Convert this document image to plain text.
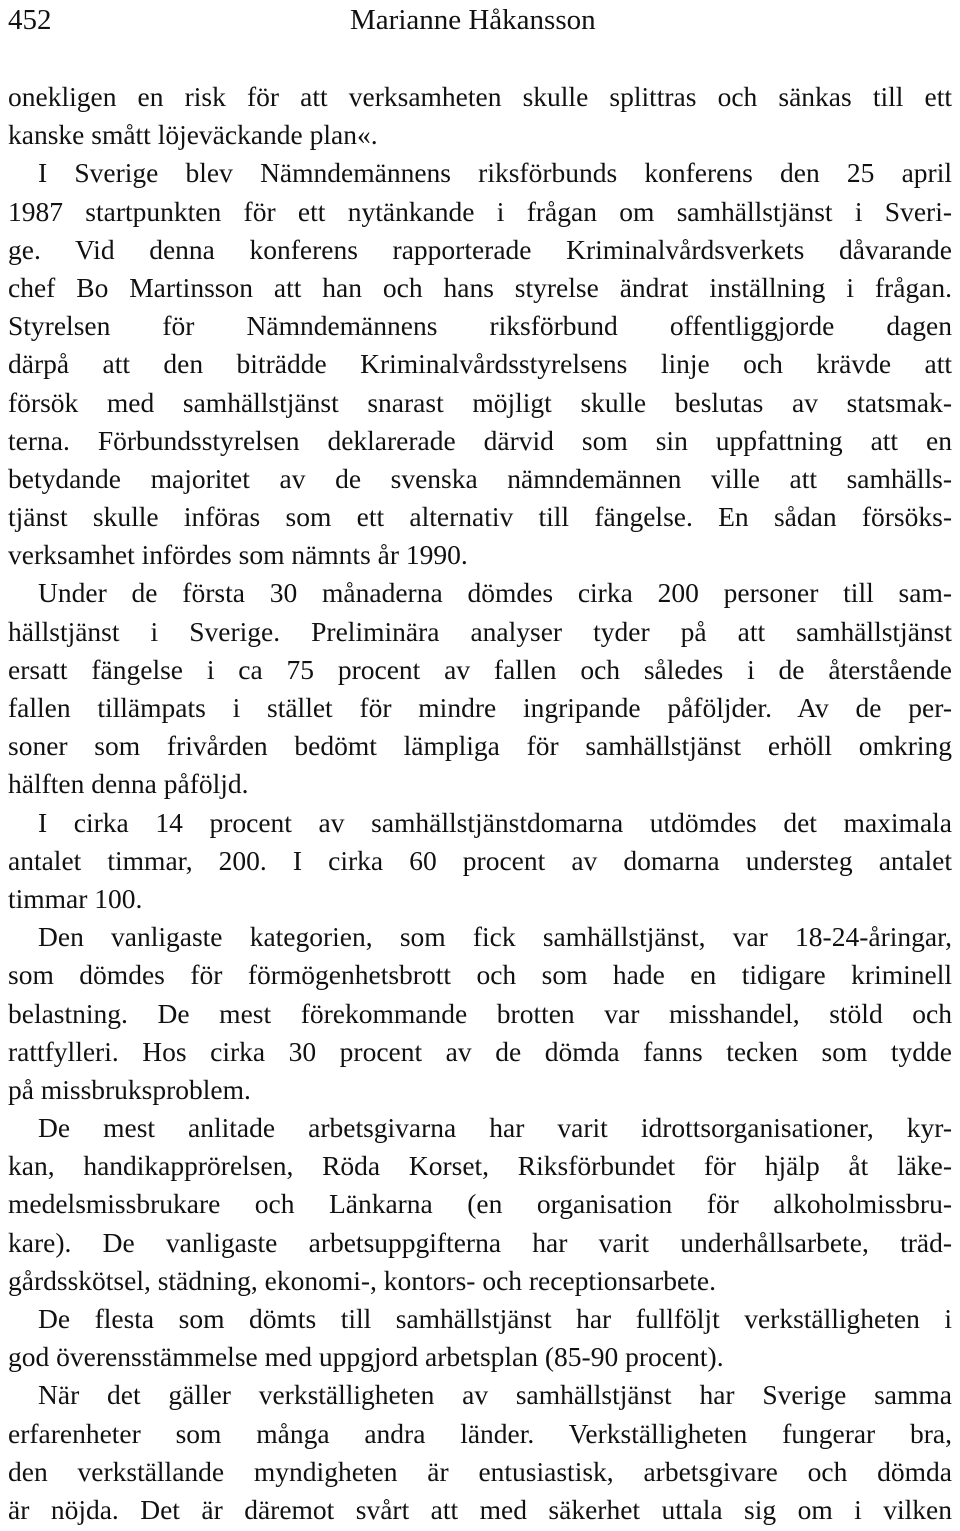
452	Marianne Håkansson
onekligen en risk för att verksamheten skulle splittras och sänkas till ett
kanske smått löjeväckande plan«.
I Sverige blev Nämndemännens riksförbunds konferens den 25 april
1987 startpunkten för ett nytänkande i frågan om samhällstjänst i Sveri-
ge. Vid denna konferens rapporterade Kriminalvårdsverkets dåvarande
chef Bo Martinsson att han och hans styrelse ändrat inställning i frågan.
Styrelsen för Nämndemännens riksförbund offentliggjorde dagen
därpå att den biträdde Kriminalvårdsstyrelsens linje och krävde att
försök med samhällstjänst snarast möjligt skulle beslutas av statsmak-
terna. Förbundsstyrelsen deklarerade därvid som sin uppfattning att en
betydande majoritet av de svenska nämndemännen ville att samhälls-
tjänst skulle införas som ett alternativ till fängelse. En sådan försöks-
verksamhet infördes som nämnts år 1990.
Under de första 30 månaderna dömdes cirka 200 personer till sam-
hällstjänst i Sverige. Preliminära analyser tyder på att samhällstjänst
ersatt fängelse i ca 75 procent av fallen och således i de återstående
fallen tillämpats i stället för mindre ingripande påföljder. Av de per-
soner som frivården bedömt lämpliga för samhällstjänst erhöll omkring
hälften denna påföljd.
I cirka 14 procent av samhällstjänstdomarna utdömdes det maximala
antalet timmar, 200. I cirka 60 procent av domarna understeg antalet
timmar 100.
Den vanligaste kategorien, som fick samhällstjänst, var 18-24-åringar,
som dömdes för förmögenhetsbrott och som hade en tidigare kriminell
belastning. De mest förekommande brotten var misshandel, stöld och
rattfylleri. Hos cirka 30 procent av de dömda fanns tecken som tydde
på missbruksproblem.
De mest anlitade arbetsgivarna har varit idrottsorganisationer, kyr-
kan, handikapprörelsen, Röda Korset, Riksförbundet för hjälp åt läke-
medelsmissbrukare och Länkarna (en organisation för alkoholmissbru-
kare). De vanligaste arbetsuppgifterna har varit underhållsarbete, träd-
gårdsskötsel, städning, ekonomi-, kontors- och receptionsarbete.
De flesta som dömts till samhällstjänst har fullföljt verkställigheten i
god överensstämmelse med uppgjord arbetsplan (85-90 procent).
När det gäller verkställigheten av samhällstjänst har Sverige samma
erfarenheter som många andra länder. Verkställigheten fungerar bra,
den verkställande myndigheten är entusiastisk, arbetsgivare och dömda
är nöjda. Det är däremot svårt att med säkerhet uttala sig om i vilken
